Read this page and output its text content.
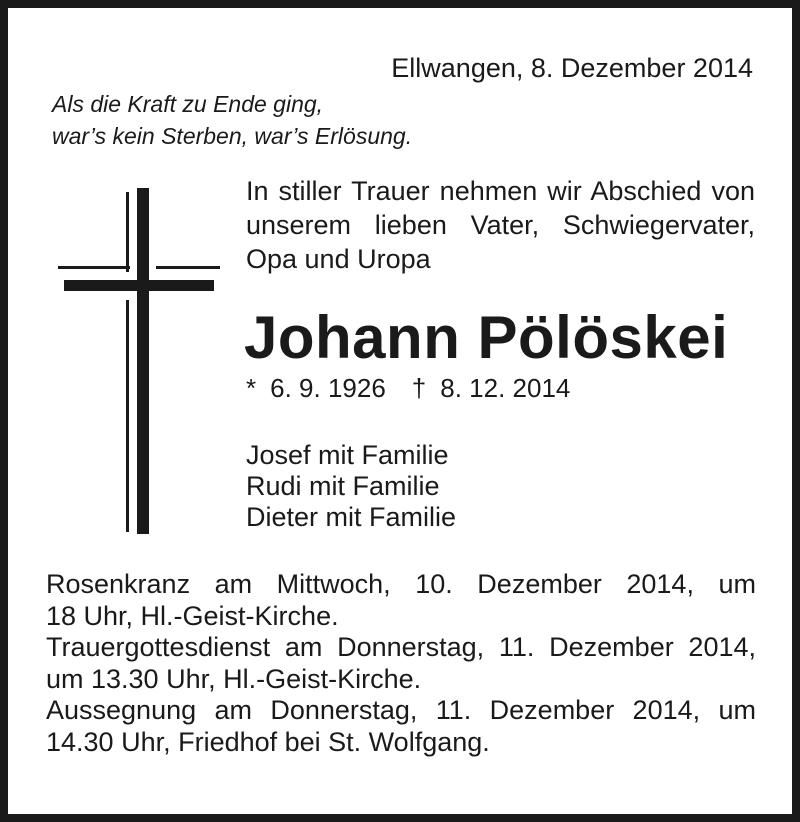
Ellwangen, 8. Dezember 2014
Als die Kraft zu Ende ging,
war’s kein Sterben, war’s Erlösung.
In stiller Trauer nehmen wir Abschied von
unserem lieben Vater, Schwiegervater,
Opa und Uropa
Johann Pölöskei
* 6. 9. 1926 † 8. 12. 2014
Josef mit Familie
Rudi mit Familie
Dieter mit Familie
Rosenkranz am Mittwoch, 10. Dezember 2014, um
18 Uhr, Hl.-Geist-Kirche.
Trauergottesdienst am Donnerstag, 11. Dezember 2014,
um 13.30 Uhr, Hl.-Geist-Kirche.
Aussegnung am Donnerstag, 11. Dezember 2014, um
14.30 Uhr, Friedhof bei St. Wolfgang.
